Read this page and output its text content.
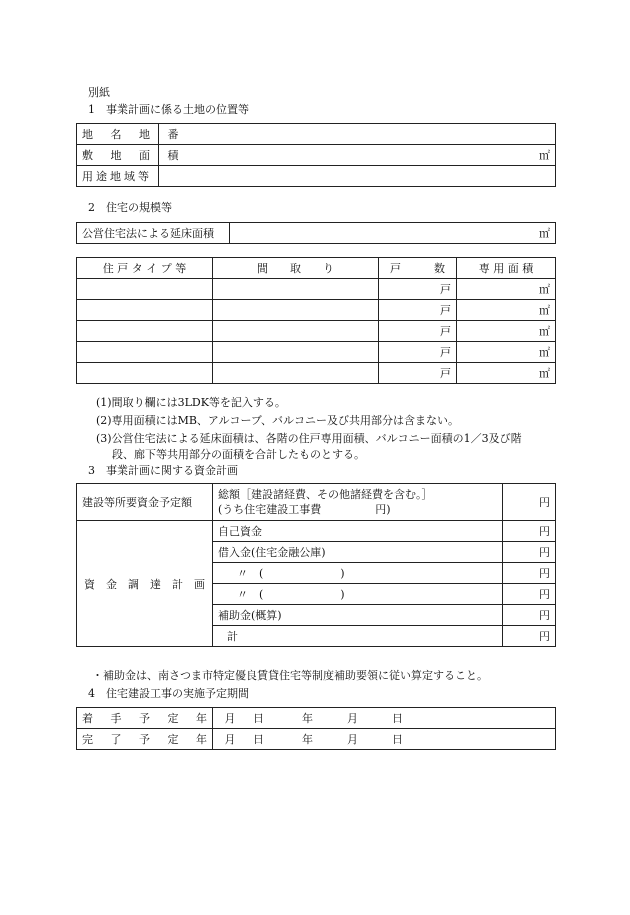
別紙
1　事業計画に係る土地の位置等
地 名 地 番	
敷 地 面 積	㎡
用途地域等	
2　住宅の規模等
公営住宅法による延床面積	㎡
住 戸 タ イ プ 等	間　　取　　り	戸　　　数	専 用 面 積
		戸	㎡
		戸	㎡
		戸	㎡
		戸	㎡
		戸	㎡
(1)間取り欄には3LDK等を記入する。
(2)専用面積にはMB、アルコーブ、バルコニー及び共用部分は含まない。
(3)公営住宅法による延床面積は、各階の住戸専用面積、バルコニー面積の1／3及び階
段、廊下等共用部分の面積を合計したものとする。
3　事業計画に関する資金計画
建設等所要資金予定額	総額［建設諸経費、その他諸経費を含む。］
(うち住宅建設工事費 円)	円
資　金　調　達　計　画	自己資金	円
	借入金(住宅金融公庫)	円
	〃　(　　　　　　　)	円
	〃　(　　　　　　　)	円
	補助金(概算)	円
	計	円
・補助金は、南さつま市特定優良賃貸住宅等制度補助要領に従い算定すること。
4　住宅建設工事の実施予定期間
着 手 予 定 年 月 日	年 月 日
完 了 予 定 年 月 日	年 月 日
